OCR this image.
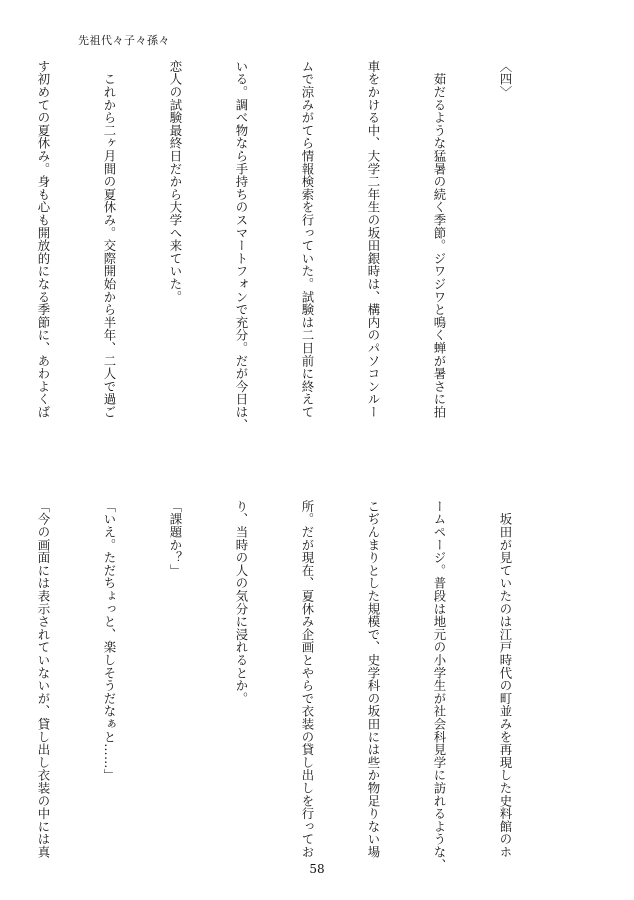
先祖代々子々孫々

〈四〉

　茹だるような猛暑の続く季節。ジワジワと鳴く蝉が暑さに拍

車をかける中、大学二年生の坂田銀時は、構内のパソコンルー

ムで涼みがてら情報検索を行っていた。試験は二日前に終えて

いる。調べ物なら手持ちのスマートフォンで充分。だが今日は、

恋人の試験最終日だから大学へ来ていた。

　これから二ヶ月間の夏休み。交際開始から半年、二人で過ご

す初めての夏休み。身も心も開放的になる季節に、あわよくば

　坂田が見ていたのは江戸時代の町並みを再現した史料館のホ

ームページ。普段は地元の小学生が社会科見学に訪れるような、

こぢんまりとした規模で、史学科の坂田には些か物足りない場

所。だが現在、夏休み企画とやらで衣装の貸し出しを行ってお

り、当時の人の気分に浸れるとか。

「課題か？」

「いえ。ただちょっと、楽しそうだなぁと……」

「今の画面には表示されていないが、貸し出し衣装の中には真

58
